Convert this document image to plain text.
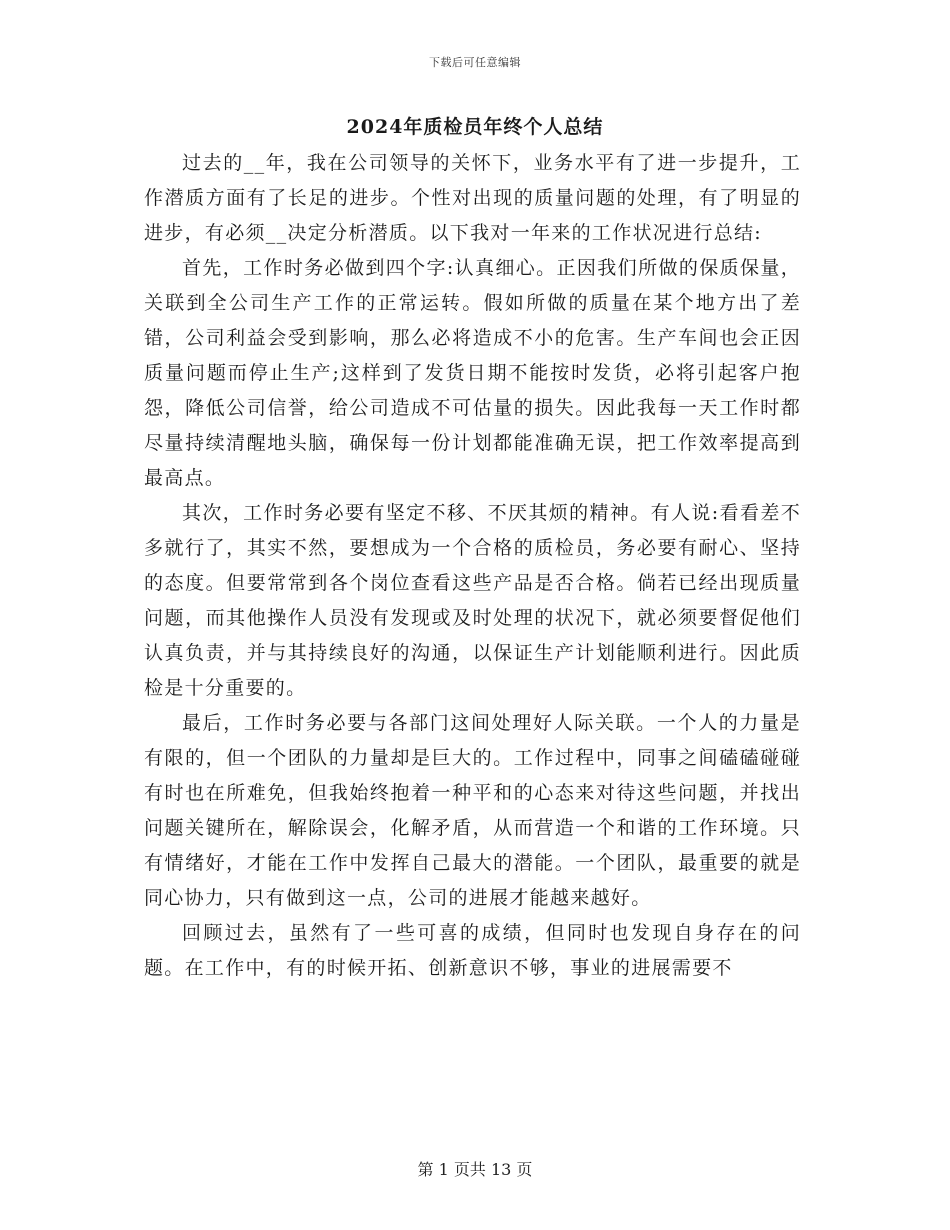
下载后可任意编辑
2024年质检员年终个人总结

过去的__年，我在公司领导的关怀下，业务水平有了进一步提升，工作潜质方面有了长足的进步。个性对出现的质量问题的处理，有了明显的进步，有必须__决定分析潜质。以下我对一年来的工作状况进行总结:

首先，工作时务必做到四个字:认真细心。正因我们所做的保质保量，关联到全公司生产工作的正常运转。假如所做的质量在某个地方出了差错，公司利益会受到影响，那么必将造成不小的危害。生产车间也会正因质量问题而停止生产;这样到了发货日期不能按时发货，必将引起客户抱怨，降低公司信誉，给公司造成不可估量的损失。因此我每一天工作时都尽量持续清醒地头脑，确保每一份计划都能准确无误，把工作效率提高到最高点。

其次，工作时务必要有坚定不移、不厌其烦的精神。有人说:看看差不多就行了，其实不然，要想成为一个合格的质检员，务必要有耐心、坚持的态度。但要常常到各个岗位查看这些产品是否合格。倘若已经出现质量问题，而其他操作人员没有发现或及时处理的状况下，就必须要督促他们认真负责，并与其持续良好的沟通，以保证生产计划能顺利进行。因此质检是十分重要的。

最后，工作时务必要与各部门这间处理好人际关联。一个人的力量是有限的，但一个团队的力量却是巨大的。工作过程中，同事之间磕磕碰碰有时也在所难免，但我始终抱着一种平和的心态来对待这些问题，并找出问题关键所在，解除误会，化解矛盾，从而营造一个和谐的工作环境。只有情绪好，才能在工作中发挥自己最大的潜能。一个团队，最重要的就是同心协力，只有做到这一点，公司的进展才能越来越好。

回顾过去，虽然有了一些可喜的成绩，但同时也发现自身存在的问题。在工作中，有的时候开拓、创新意识不够，事业的进展需要不

第 1 页共 13 页
